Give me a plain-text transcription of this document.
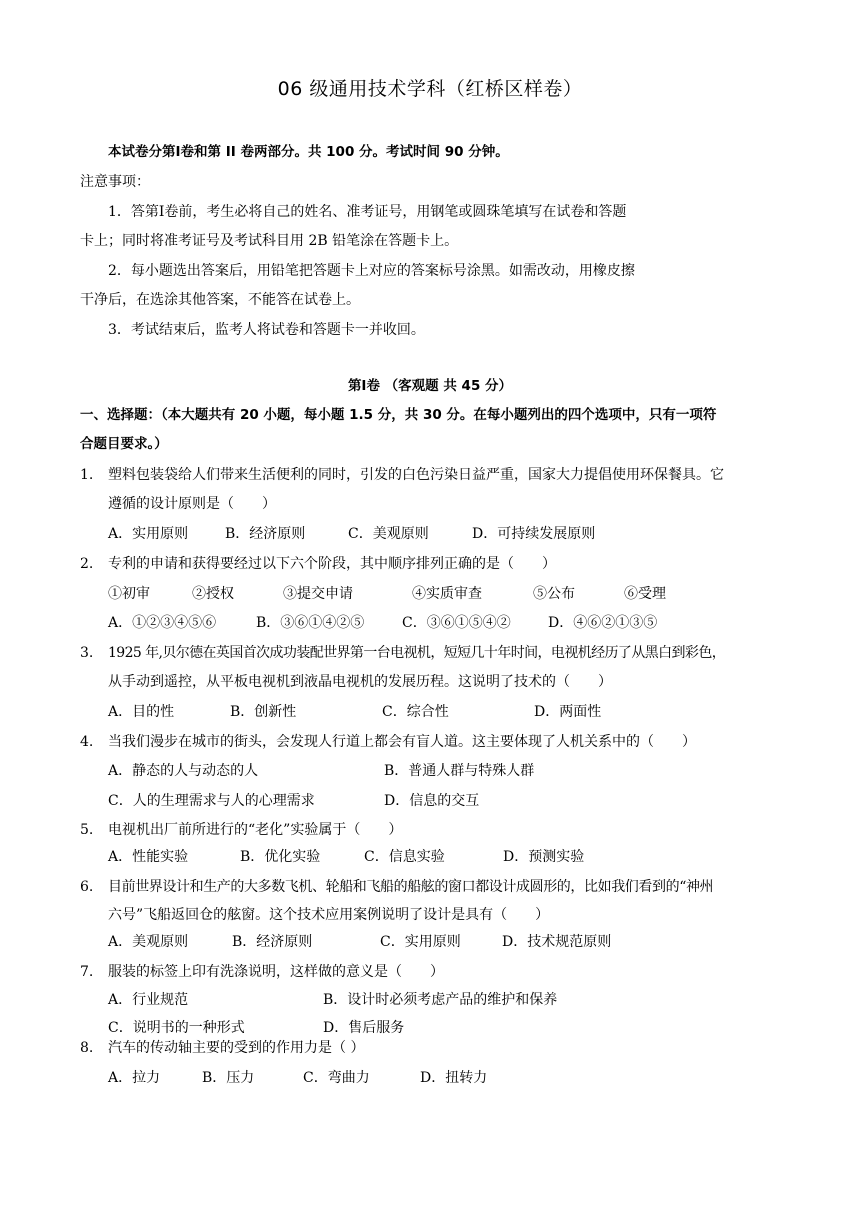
06 级通用技术学科（红桥区样卷）
本试卷分第Ⅰ卷和第 II 卷两部分。共 100 分。考试时间 90 分钟。
注意事项：
1．答第Ⅰ卷前，考生必将自己的姓名、准考证号，用钢笔或圆珠笔填写在试卷和答题
卡上；同时将准考证号及考试科目用 2B 铅笔涂在答题卡上。
2．每小题选出答案后，用铅笔把答题卡上对应的答案标号涂黑。如需改动，用橡皮擦
干净后，在选涂其他答案，不能答在试卷上。
3．考试结束后，监考人将试卷和答题卡一并收回。
第Ⅰ卷 （客观题 共 45 分）
一、选择题：（本大题共有 20 小题，每小题 1.5 分，共 30 分。在每小题列出的四个选项中，只有一项符
合题目要求。）
1. 塑料包装袋给人们带来生活便利的同时，引发的白色污染日益严重，国家大力提倡使用环保餐具。它
遵循的设计原则是（　　）
A．实用原则	B．经济原则	C．美观原则	D．可持续发展原则
2. 专利的申请和获得要经过以下六个阶段，其中顺序排列正确的是（　　）
①初审	②授权	③提交申请	④实质审查	⑤公布	⑥受理
A．①②③④⑤⑥	B．③⑥①④②⑤	C．③⑥①⑤④②	D．④⑥②①③⑤
3. 1925 年,贝尔德在英国首次成功装配世界第一台电视机，短短几十年时间，电视机经历了从黑白到彩色，
从手动到遥控，从平板电视机到液晶电视机的发展历程。这说明了技术的（　　）
A．目的性	B．创新性	C．综合性	D．两面性
4. 当我们漫步在城市的街头，会发现人行道上都会有盲人道。这主要体现了人机关系中的（　　）
A．静态的人与动态的人	B．普通人群与特殊人群
C．人的生理需求与人的心理需求	D．信息的交互
5. 电视机出厂前所进行的“老化”实验属于（　　）
A．性能实验	B．优化实验	C．信息实验	D．预测实验
6. 目前世界设计和生产的大多数飞机、轮船和飞船的船舷的窗口都设计成圆形的，比如我们看到的“神州
六号”飞船返回仓的舷窗。这个技术应用案例说明了设计是具有（　　）
A．美观原则	B．经济原则	C．实用原则	D．技术规范原则
7. 服装的标签上印有洗涤说明，这样做的意义是（　　）
A．行业规范	B．设计时必须考虑产品的维护和保养
C．说明书的一种形式	D．售后服务
8. 汽车的传动轴主要的受到的作用力是（ ）
A．拉力	B．压力	C．弯曲力	D．扭转力
